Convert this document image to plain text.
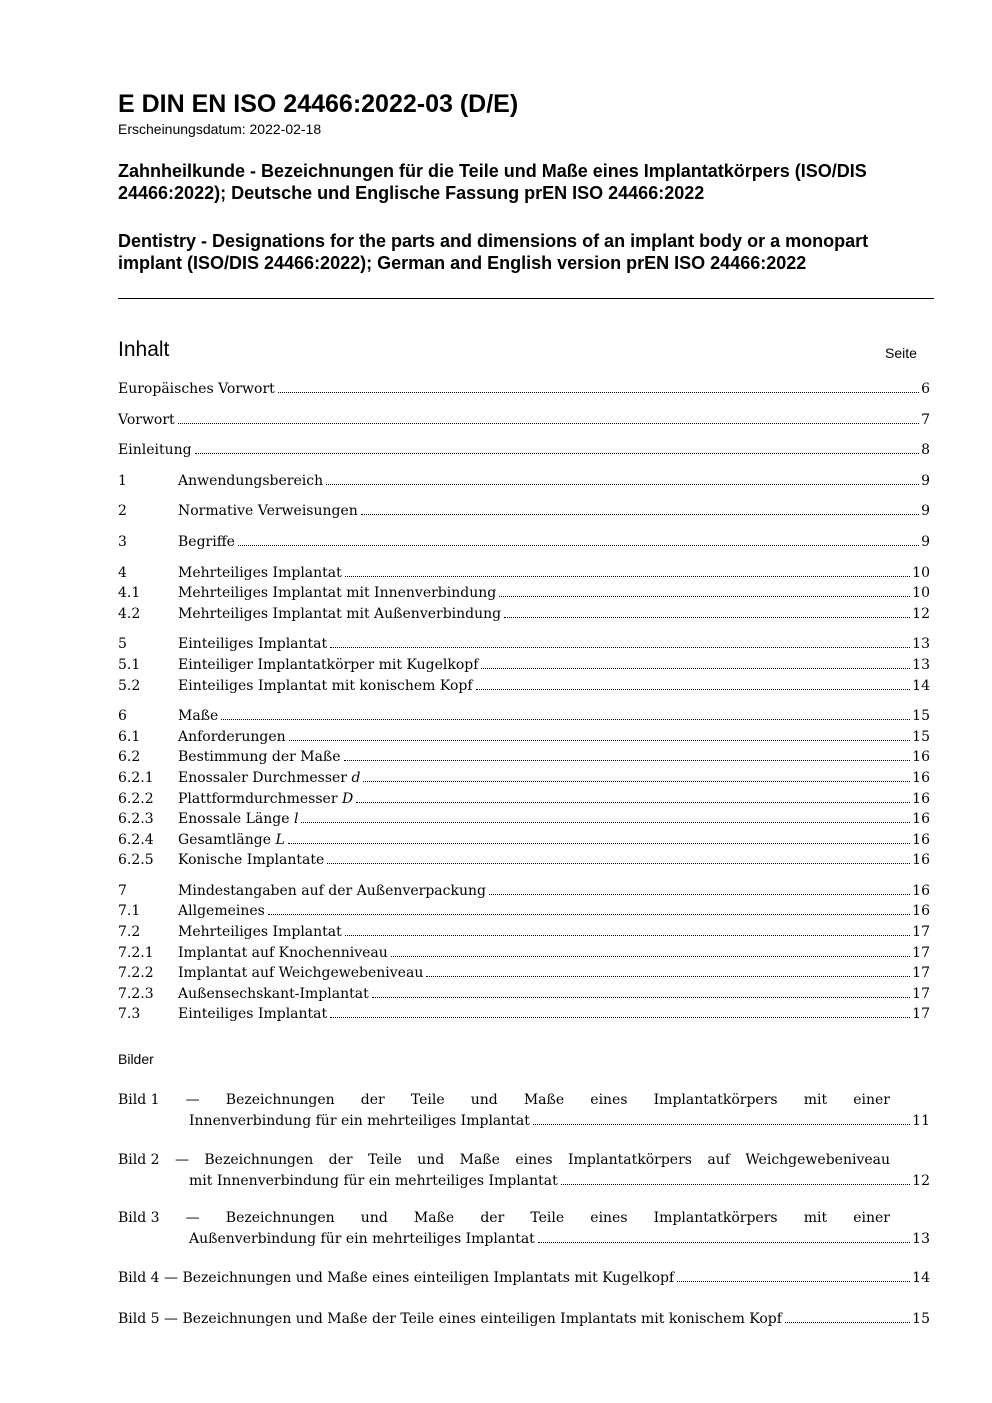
E DIN EN ISO 24466:2022-03 (D/E)
Erscheinungsdatum: 2022-02-18
Zahnheilkunde - Bezeichnungen für die Teile und Maße eines Implantatkörpers (ISO/DIS 24466:2022); Deutsche und Englische Fassung prEN ISO 24466:2022
Dentistry - Designations for the parts and dimensions of an implant body or a monopart implant (ISO/DIS 24466:2022); German and English version prEN ISO 24466:2022
Inhalt	Seite
Europäisches Vorwort	6
Vorwort	7
Einleitung	8
1	Anwendungsbereich	9
2	Normative Verweisungen	9
3	Begriffe	9
4	Mehrteiliges Implantat	10
4.1	Mehrteiliges Implantat mit Innenverbindung	10
4.2	Mehrteiliges Implantat mit Außenverbindung	12
5	Einteiliges Implantat	13
5.1	Einteiliger Implantatkörper mit Kugelkopf	13
5.2	Einteiliges Implantat mit konischem Kopf	14
6	Maße	15
6.1	Anforderungen	15
6.2	Bestimmung der Maße	16
6.2.1	Enossaler Durchmesser d	16
6.2.2	Plattformdurchmesser D	16
6.2.3	Enossale Länge l	16
6.2.4	Gesamtlänge L	16
6.2.5	Konische Implantate	16
7	Mindestangaben auf der Außenverpackung	16
7.1	Allgemeines	16
7.2	Mehrteiliges Implantat	17
7.2.1	Implantat auf Knochenniveau	17
7.2.2	Implantat auf Weichgewebeniveau	17
7.2.3	Außensechskant-Implantat	17
7.3	Einteiliges Implantat	17
Bilder
Bild 1 — Bezeichnungen der Teile und Maße eines Implantatkörpers mit einer
Innenverbindung für ein mehrteiliges Implantat	11
Bild 2 — Bezeichnungen der Teile und Maße eines Implantatkörpers auf Weichgewebeniveau
mit Innenverbindung für ein mehrteiliges Implantat	12
Bild 3 — Bezeichnungen und Maße der Teile eines Implantatkörpers mit einer
Außenverbindung für ein mehrteiliges Implantat	13
Bild 4 — Bezeichnungen und Maße eines einteiligen Implantats mit Kugelkopf	14
Bild 5 — Bezeichnungen und Maße der Teile eines einteiligen Implantats mit konischem Kopf	15
